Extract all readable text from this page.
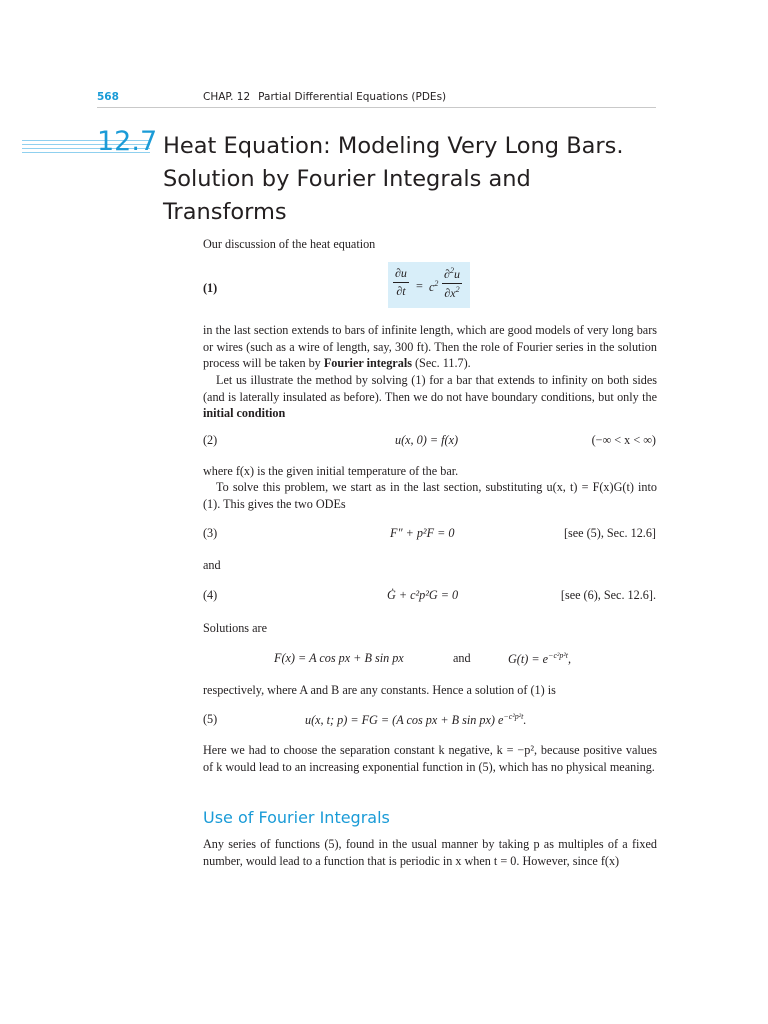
568	CHAP. 12 Partial Differential Equations (PDEs)
12.7 Heat Equation: Modeling Very Long Bars.
Solution by Fourier Integrals and
Transforms
Our discussion of the heat equation
(1)	$\frac{\partial u}{\partial t} = c^2 \frac{\partial^2u}{\partial x^2}$
in the last section extends to bars of infinite length, which are good models of very long bars or wires (such as a wire of length, say, 300 ft). Then the role of Fourier series in the solution process will be taken by Fourier integrals (Sec. 11.7).
Let us illustrate the method by solving (1) for a bar that extends to infinity on both sides (and is laterally insulated as before). Then we do not have boundary conditions, but only the initial condition
(2)	u(x, 0) = f(x)	(−∞ < x < ∞)
where f(x) is the given initial temperature of the bar.
To solve this problem, we start as in the last section, substituting u(x, t) = F(x)G(t) into (1). This gives the two ODEs
(3)	F″ + p²F = 0	[see (5), Sec. 12.6]
and
(4)	Ġ + c²p²G = 0	[see (6), Sec. 12.6].
Solutions are
F(x) = A cos px + B sin px	and	$G(t) = e^{-c^2p^2t}$,
respectively, where A and B are any constants. Hence a solution of (1) is
(5)	u(x, t; p) = FG = (A cos px + B sin px) $e^{-c^2p^2t}$.
Here we had to choose the separation constant k negative, k = −p², because positive values of k would lead to an increasing exponential function in (5), which has no physical meaning.
Use of Fourier Integrals
Any series of functions (5), found in the usual manner by taking p as multiples of a fixed number, would lead to a function that is periodic in x when t = 0. However, since f(x)
